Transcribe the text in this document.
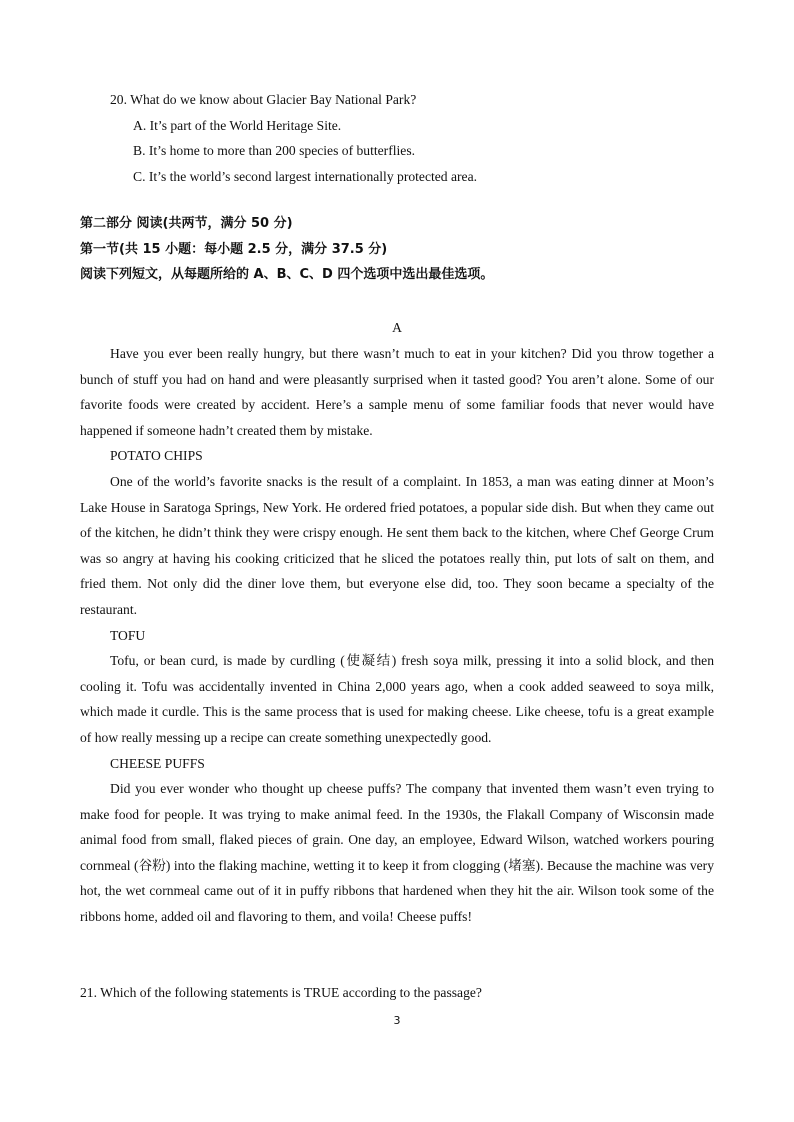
20. What do we know about Glacier Bay National Park?
A. It’s part of the World Heritage Site.
B. It’s home to more than 200 species of butterflies.
C. It’s the world’s second largest internationally protected area.
第二部分 阅读(共两节，满分 50 分)
第一节(共 15 小题：每小题 2.5 分，满分 37.5 分)
阅读下列短文，从每题所给的 A、B、C、D 四个选项中选出最佳选项。
A

Have you ever been really hungry, but there wasn’t much to eat in your kitchen? Did you throw together a bunch of stuff you had on hand and were pleasantly surprised when it tasted good? You aren’t alone. Some of our favorite foods were created by accident. Here’s a sample menu of some familiar foods that never would have happened if someone hadn’t created them by mistake.

POTATO CHIPS

One of the world’s favorite snacks is the result of a complaint. In 1853, a man was eating dinner at Moon’s Lake House in Saratoga Springs, New York. He ordered fried potatoes, a popular side dish. But when they came out of the kitchen, he didn’t think they were crispy enough. He sent them back to the kitchen, where Chef George Crum was so angry at having his cooking criticized that he sliced the potatoes really thin, put lots of salt on them, and fried them. Not only did the diner love them, but everyone else did, too. They soon became a specialty of the restaurant.

TOFU

Tofu, or bean curd, is made by curdling (使凝结) fresh soya milk, pressing it into a solid block, and then cooling it. Tofu was accidentally invented in China 2,000 years ago, when a cook added seaweed to soya milk, which made it curdle. This is the same process that is used for making cheese. Like cheese, tofu is a great example of how really messing up a recipe can create something unexpectedly good.

CHEESE PUFFS

Did you ever wonder who thought up cheese puffs? The company that invented them wasn’t even trying to make food for people. It was trying to make animal feed. In the 1930s, the Flakall Company of Wisconsin made animal food from small, flaked pieces of grain. One day, an employee, Edward Wilson, watched workers pouring cornmeal (谷粉) into the flaking machine, wetting it to keep it from clogging (堵塞). Because the machine was very hot, the wet cornmeal came out of it in puffy ribbons that hardened when they hit the air. Wilson took some of the ribbons home, added oil and flavoring to them, and voila! Cheese puffs!

21. Which of the following statements is TRUE according to the passage?
3
